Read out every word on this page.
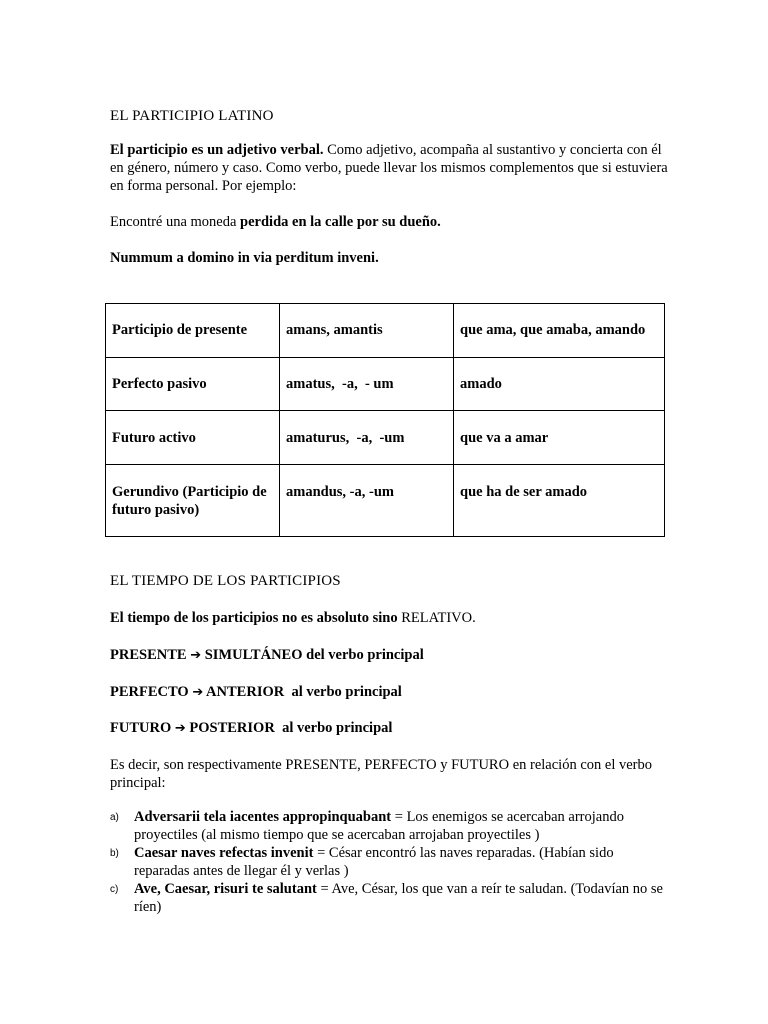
EL PARTICIPIO LATINO
El participio es un adjetivo verbal. Como adjetivo, acompaña al sustantivo y concierta con él en género, número y caso. Como verbo, puede llevar los mismos complementos que si estuviera en forma personal. Por ejemplo:
Encontré una moneda perdida en la calle por su dueño.
Nummum a domino in via perditum inveni.
Participio de presente	amans, amantis	que ama, que amaba, amando
Perfecto pasivo	amatus,  -a,  - um	amado
Futuro activo	amaturus,  -a,  -um	que va a amar
Gerundivo (Participio de futuro pasivo)	amandus, -a, -um	que ha de ser amado
EL TIEMPO DE LOS PARTICIPIOS
El tiempo de los participios no es absoluto sino RELATIVO.
PRESENTE ➔ SIMULTÁNEO del verbo principal
PERFECTO ➔ ANTERIOR  al verbo principal
FUTURO ➔ POSTERIOR  al verbo principal
Es decir, son respectivamente PRESENTE, PERFECTO y FUTURO en relación con el verbo principal:
a) Adversarii tela iacentes appropinquabant = Los enemigos se acercaban arrojando proyectiles (al mismo tiempo que se acercaban arrojaban proyectiles )
b) Caesar naves refectas invenit = César encontró las naves reparadas. (Habían sido reparadas antes de llegar él y verlas )
c) Ave, Caesar, risuri te salutant = Ave, César, los que van a reír te saludan. (Todavían no se ríen)
